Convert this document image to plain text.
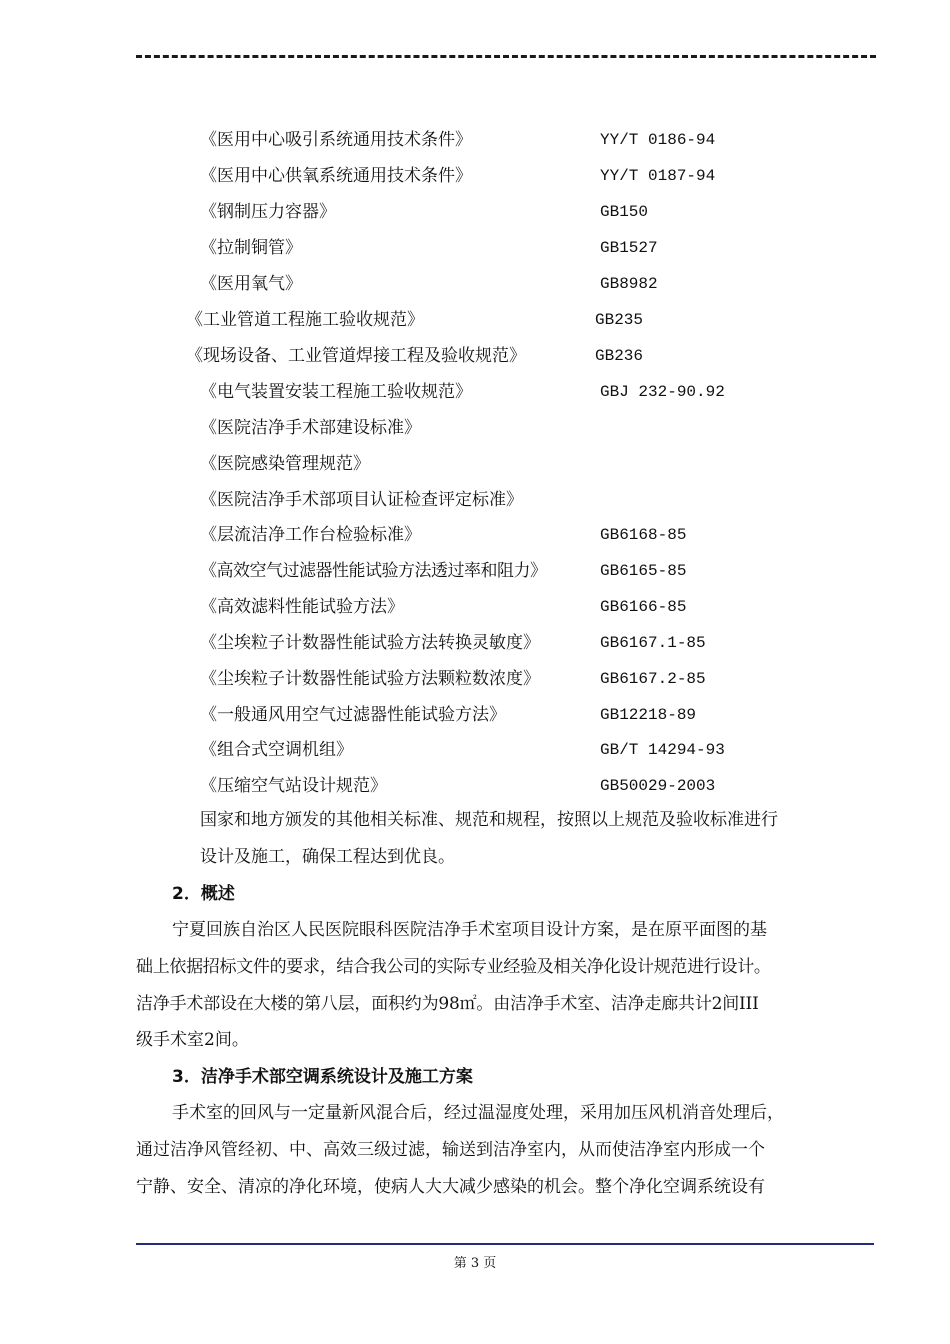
《医用中心吸引系统通用技术条件》	YY/T 0186-94
《医用中心供氧系统通用技术条件》	YY/T 0187-94
《钢制压力容器》	GB150
《拉制铜管》	GB1527
《医用氧气》	GB8982
《工业管道工程施工验收规范》	GB235
《现场设备、工业管道焊接工程及验收规范》	GB236
《电气装置安装工程施工验收规范》	GBJ 232-90.92
《医院洁净手术部建设标准》
《医院感染管理规范》
《医院洁净手术部项目认证检查评定标准》
《层流洁净工作台检验标准》	GB6168-85
《高效空气过滤器性能试验方法透过率和阻力》	GB6165-85
《高效滤料性能试验方法》	GB6166-85
《尘埃粒子计数器性能试验方法转换灵敏度》	GB6167.1-85
《尘埃粒子计数器性能试验方法颗粒数浓度》	GB6167.2-85
《一般通风用空气过滤器性能试验方法》	GB12218-89
《组合式空调机组》	GB/T 14294-93
《压缩空气站设计规范》	GB50029-2003
国家和地方颁发的其他相关标准、规范和规程，按照以上规范及验收标准进行
设计及施工，确保工程达到优良。
2．概述
宁夏回族自治区人民医院眼科医院洁净手术室项目设计方案，是在原平面图的基
础上依据招标文件的要求，结合我公司的实际专业经验及相关净化设计规范进行设计。
洁净手术部设在大楼的第八层，面积约为98㎡。由洁净手术室、洁净走廊共计2间III
级手术室2间。
3．洁净手术部空调系统设计及施工方案
手术室的回风与一定量新风混合后，经过温湿度处理，采用加压风机消音处理后，
通过洁净风管经初、中、高效三级过滤，输送到洁净室内，从而使洁净室内形成一个
宁静、安全、清凉的净化环境，使病人大大减少感染的机会。整个净化空调系统设有
第 3 页
